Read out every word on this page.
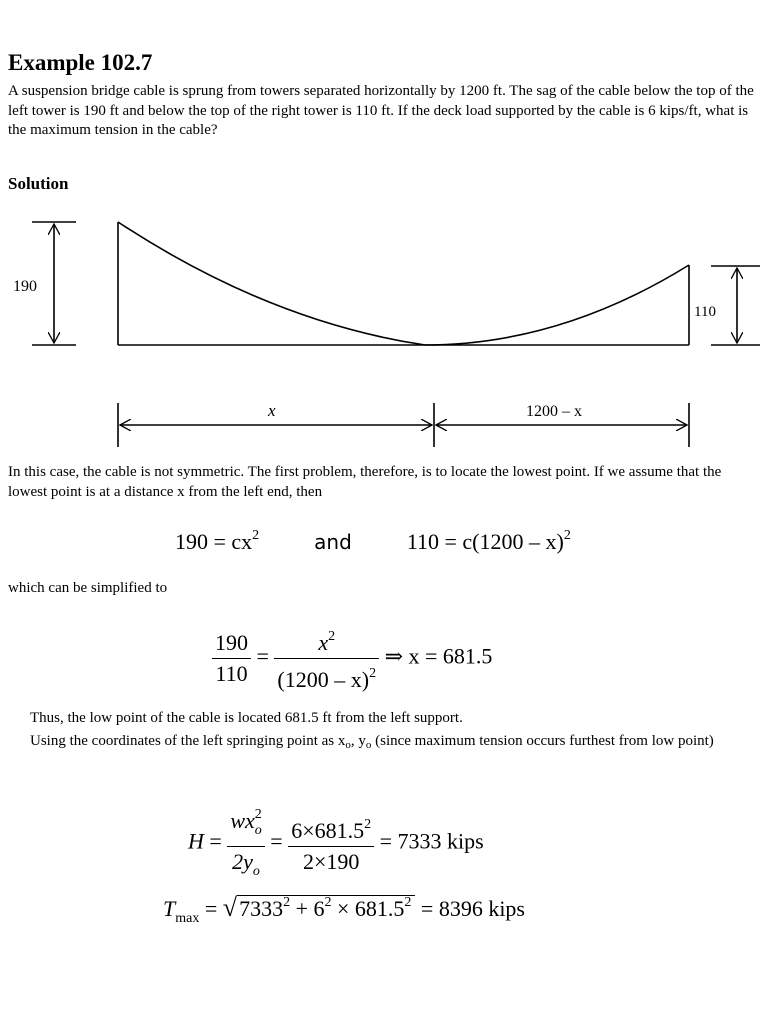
Example 102.7
A suspension bridge cable is sprung from towers separated horizontally by 1200 ft. The sag of the cable below the top of the left tower is 190 ft and below the top of the right tower is 110 ft. If the deck load supported by the cable is 6 kips/ft, what is the maximum tension in the cable?
Solution
190
110
x	1200 – x
In this case, the cable is not symmetric. The first problem, therefore, is to locate the lowest point. If we assume that the lowest point is at a distance x from the left end, then
$190 = cx^2$	and	110 = c(1200 – x)$^2$
which can be simplified to
$\frac{190}{110} = \frac{x^2}{(1200 - x)^2}$ ⇒ x = 681.5
Thus, the low point of the cable is located 681.5 ft from the left support.
Using the coordinates of the left springing point as $x_o$, $y_o$ (since maximum tension occurs furthest from low point)
$H = \frac{wx_o^2}{2y_o} = \frac{6\times 681.5^2}{2\times 190} = 7333$ kips
$T_{max} = √7333^2 + 6^2 \times 681.5^2 = 8396$ kips
